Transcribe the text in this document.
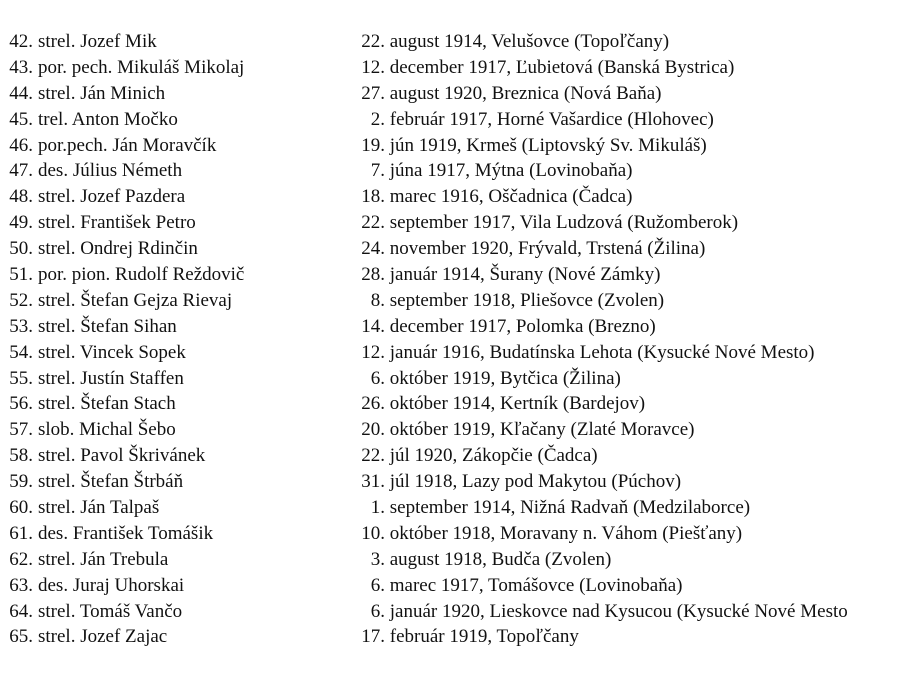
42. strel. Jozef Mik	22. august 1914, Velušovce (Topoľčany)
43. por. pech. Mikuláš Mikolaj	12. december 1917, Ľubietová (Banská Bystrica)
44. strel. Ján Minich	27. august 1920, Breznica (Nová Baňa)
45. trel. Anton Močko	2. február 1917, Horné Vašardice (Hlohovec)
46. por.pech. Ján Moravčík	19. jún 1919, Krmeš (Liptovský Sv. Mikuláš)
47. des. Július Németh	7. júna 1917, Mýtna (Lovinobaňa)
48. strel. Jozef Pazdera	18. marec 1916, Oščadnica (Čadca)
49. strel. František Petro	22. september 1917, Vila Ludzová (Ružomberok)
50. strel. Ondrej Rdinčin	24. november 1920, Frývald, Trstená (Žilina)
51. por. pion. Rudolf Reždovič	28. január 1914, Šurany (Nové Zámky)
52. strel. Štefan Gejza Rievaj	8. september 1918, Pliešovce (Zvolen)
53. strel. Štefan Sihan	14. december 1917, Polomka (Brezno)
54. strel. Vincek Sopek	12. január 1916, Budatínska Lehota (Kysucké Nové Mesto)
55. strel. Justín Staffen	6. október 1919, Bytčica (Žilina)
56. strel. Štefan Stach	26. október 1914, Kertník (Bardejov)
57. slob. Michal Šebo	20. október 1919, Kľačany (Zlaté Moravce)
58. strel. Pavol Škrivánek	22. júl 1920, Zákopčie (Čadca)
59. strel. Štefan Štrbáň	31. júl 1918, Lazy pod Makytou (Púchov)
60. strel. Ján Talpaš	1. september 1914, Nižná Radvaň (Medzilaborce)
61. des. František Tomášik	10. október 1918, Moravany n. Váhom (Piešťany)
62. strel. Ján Trebula	3. august 1918, Budča (Zvolen)
63. des. Juraj Uhorskai	6. marec 1917, Tomášovce (Lovinobaňa)
64. strel. Tomáš Vančo	6. január 1920, Lieskovce nad Kysucou (Kysucké Nové Mesto
65. strel. Jozef Zajac	17. február 1919, Topoľčany
